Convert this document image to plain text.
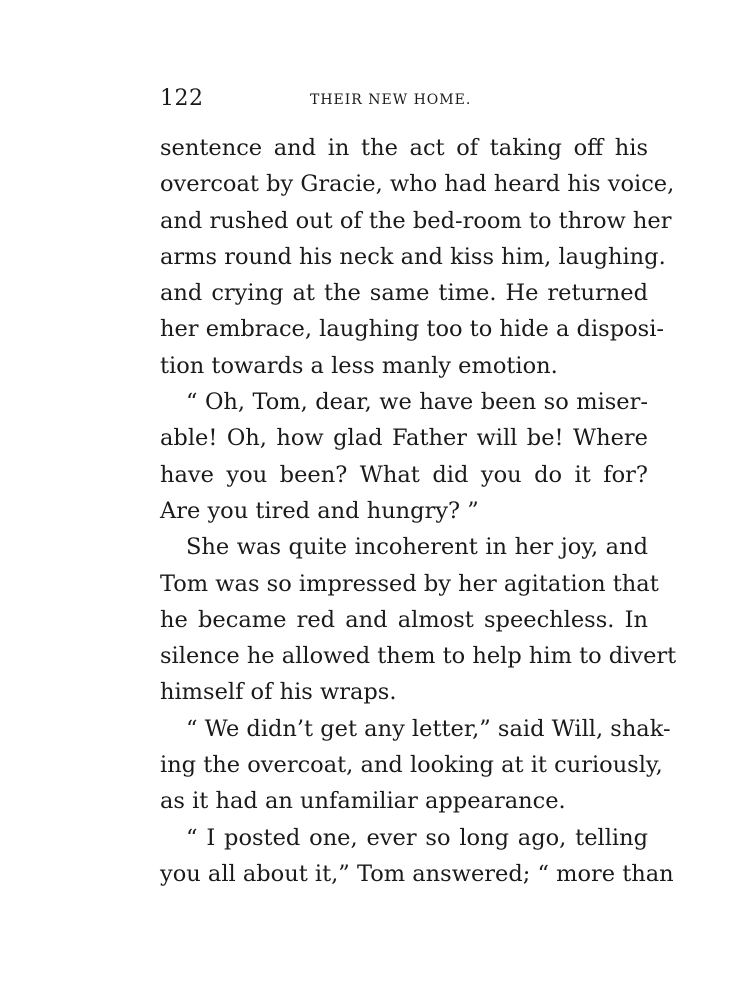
122	THEIR NEW HOME.
sentence and in the act of taking off his
overcoat by Gracie, who had heard his voice,
and rushed out of the bed-room to throw her
arms round his neck and kiss him, laughing.
and crying at the same time. He returned
her embrace, laughing too to hide a disposi-
tion towards a less manly emotion.
“ Oh, Tom, dear, we have been so miser-
able! Oh, how glad Father will be! Where
have you been? What did you do it for?
Are you tired and hungry? ”
She was quite incoherent in her joy, and
Tom was so impressed by her agitation that
he became red and almost speechless. In
silence he allowed them to help him to divert
himself of his wraps.
“ We didn’t get any letter,” said Will, shak-
ing the overcoat, and looking at it curiously,
as it had an unfamiliar appearance.
“ I posted one, ever so long ago, telling
you all about it,” Tom answered; “ more than
